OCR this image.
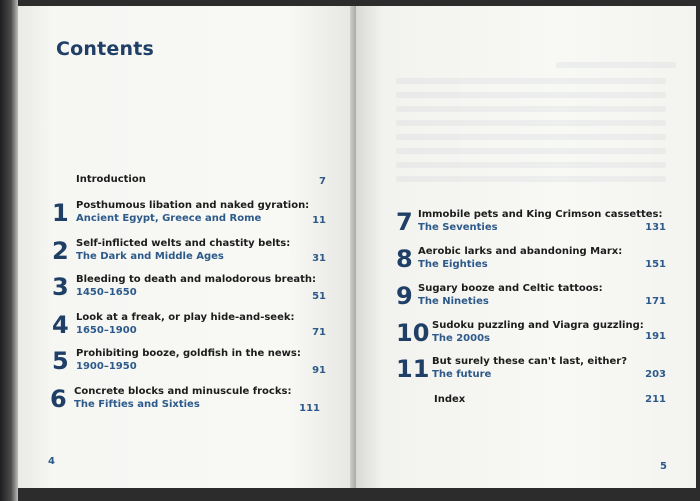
Contents
Introduction	7
1 Posthumous libation and naked gyration:
Ancient Egypt, Greece and Rome	11
2 Self-inflicted welts and chastity belts:
The Dark and Middle Ages	31
3 Bleeding to death and malodorous breath:
1450–1650	51
4 Look at a freak, or play hide-and-seek:
1650–1900	71
5 Prohibiting booze, goldfish in the news:
1900–1950	91
6 Concrete blocks and minuscule frocks:
The Fifties and Sixties	111
4
7 Immobile pets and King Crimson cassettes:
The Seventies	131
8 Aerobic larks and abandoning Marx:
The Eighties	151
9 Sugary booze and Celtic tattoos:
The Nineties	171
10 Sudoku puzzling and Viagra guzzling:
The 2000s	191
11 But surely these can't last, either?
The future	203
Index	211
5
